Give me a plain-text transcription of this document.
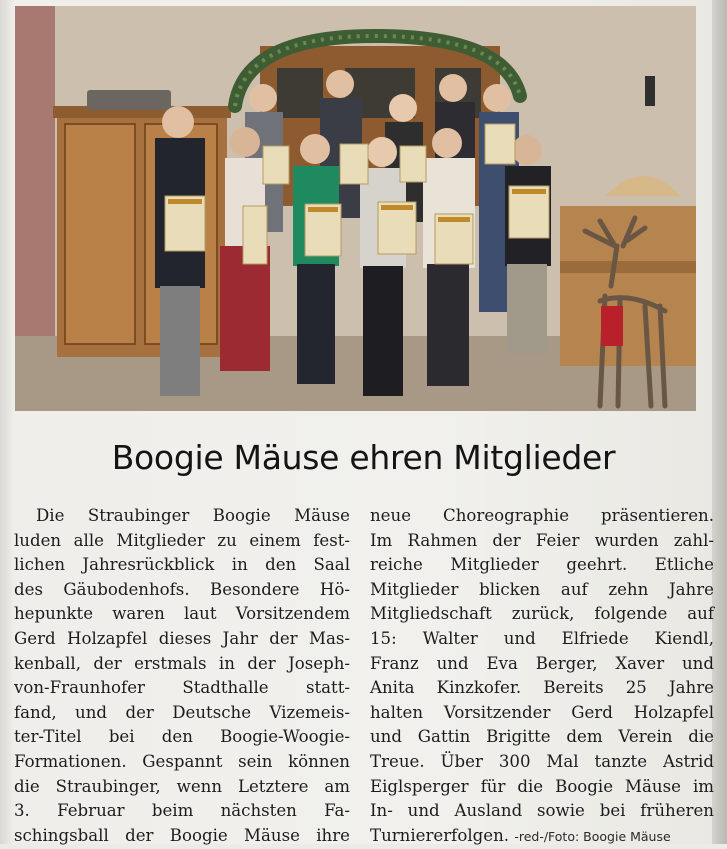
Boogie Mäuse ehren Mitglieder
Die Straubinger Boogie Mäuse
luden alle Mitglieder zu einem fest-
lichen Jahresrückblick in den Saal
des Gäubodenhofs. Besondere Hö-
hepunkte waren laut Vorsitzendem
Gerd Holzapfel dieses Jahr der Mas-
kenball, der erstmals in der Joseph-
von-Fraunhofer Stadthalle statt-
fand, und der Deutsche Vizemeis-
ter-Titel bei den Boogie-Woogie-
Formationen. Gespannt sein können
die Straubinger, wenn Letztere am
3. Februar beim nächsten Fa-
schingsball der Boogie Mäuse ihre
neue Choreographie präsentieren.
Im Rahmen der Feier wurden zahl-
reiche Mitglieder geehrt. Etliche
Mitglieder blicken auf zehn Jahre
Mitgliedschaft zurück, folgende auf
15: Walter und Elfriede Kiendl,
Franz und Eva Berger, Xaver und
Anita Kinzkofer. Bereits 25 Jahre
halten Vorsitzender Gerd Holzapfel
und Gattin Brigitte dem Verein die
Treue. Über 300 Mal tanzte Astrid
Eiglsperger für die Boogie Mäuse im
In- und Ausland sowie bei früheren
Turniererfolgen. -red-/Foto: Boogie Mäuse
